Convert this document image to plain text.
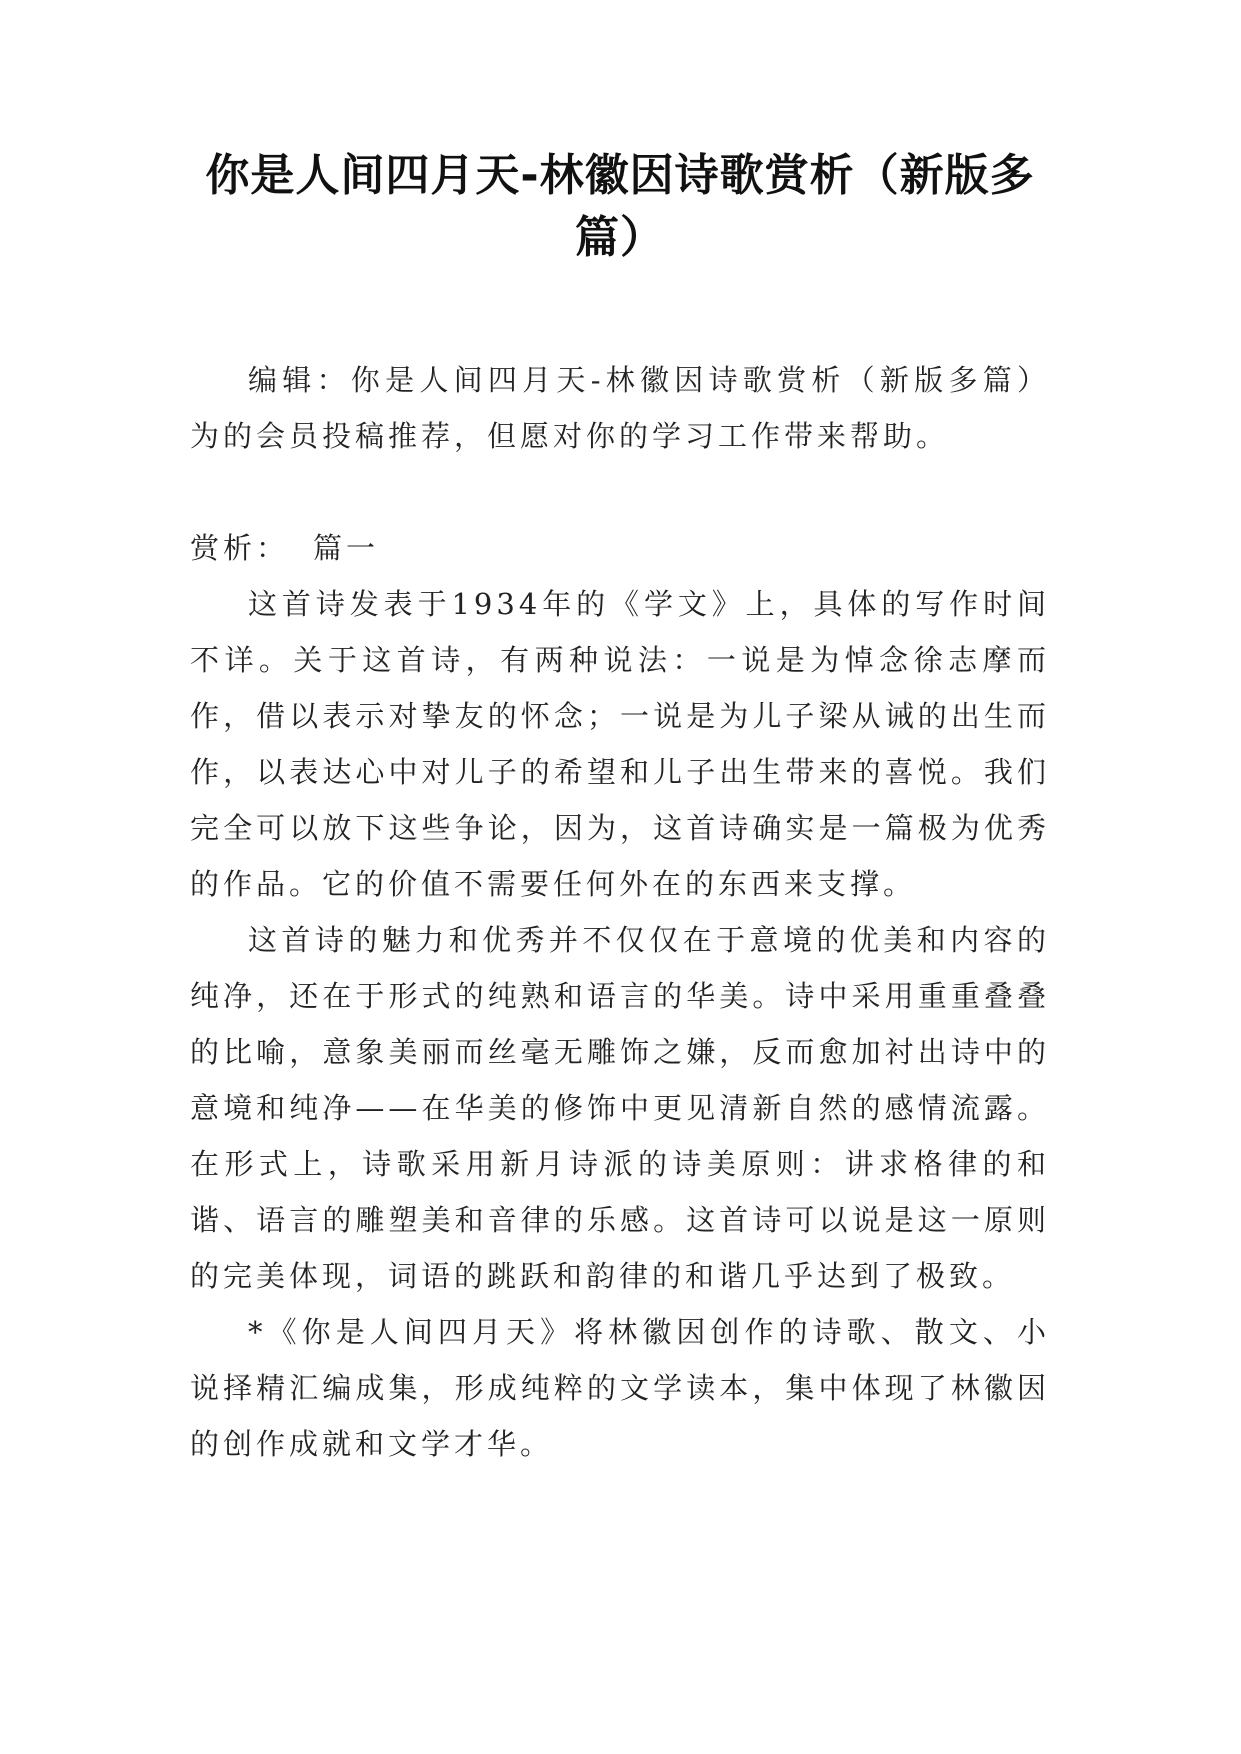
你是人间四月天-林徽因诗歌赏析（新版多篇）

编辑：你是人间四月天-林徽因诗歌赏析（新版多篇）为的会员投稿推荐，但愿对你的学习工作带来帮助。

赏析： 篇一

这首诗发表于1934年的《学文》上，具体的写作时间不详。关于这首诗，有两种说法：一说是为悼念徐志摩而作，借以表示对挚友的怀念；一说是为儿子梁从诫的出生而作，以表达心中对儿子的希望和儿子出生带来的喜悦。我们完全可以放下这些争论，因为，这首诗确实是一篇极为优秀的作品。它的价值不需要任何外在的东西来支撑。

这首诗的魅力和优秀并不仅仅在于意境的优美和内容的纯净，还在于形式的纯熟和语言的华美。诗中采用重重叠叠的比喻，意象美丽而丝毫无雕饰之嫌，反而愈加衬出诗中的意境和纯净——在华美的修饰中更见清新自然的感情流露。在形式上，诗歌采用新月诗派的诗美原则：讲求格律的和谐、语言的雕塑美和音律的乐感。这首诗可以说是这一原则的完美体现，词语的跳跃和韵律的和谐几乎达到了极致。

*《你是人间四月天》将林徽因创作的诗歌、散文、小说择精汇编成集，形成纯粹的文学读本，集中体现了林徽因的创作成就和文学才华。
